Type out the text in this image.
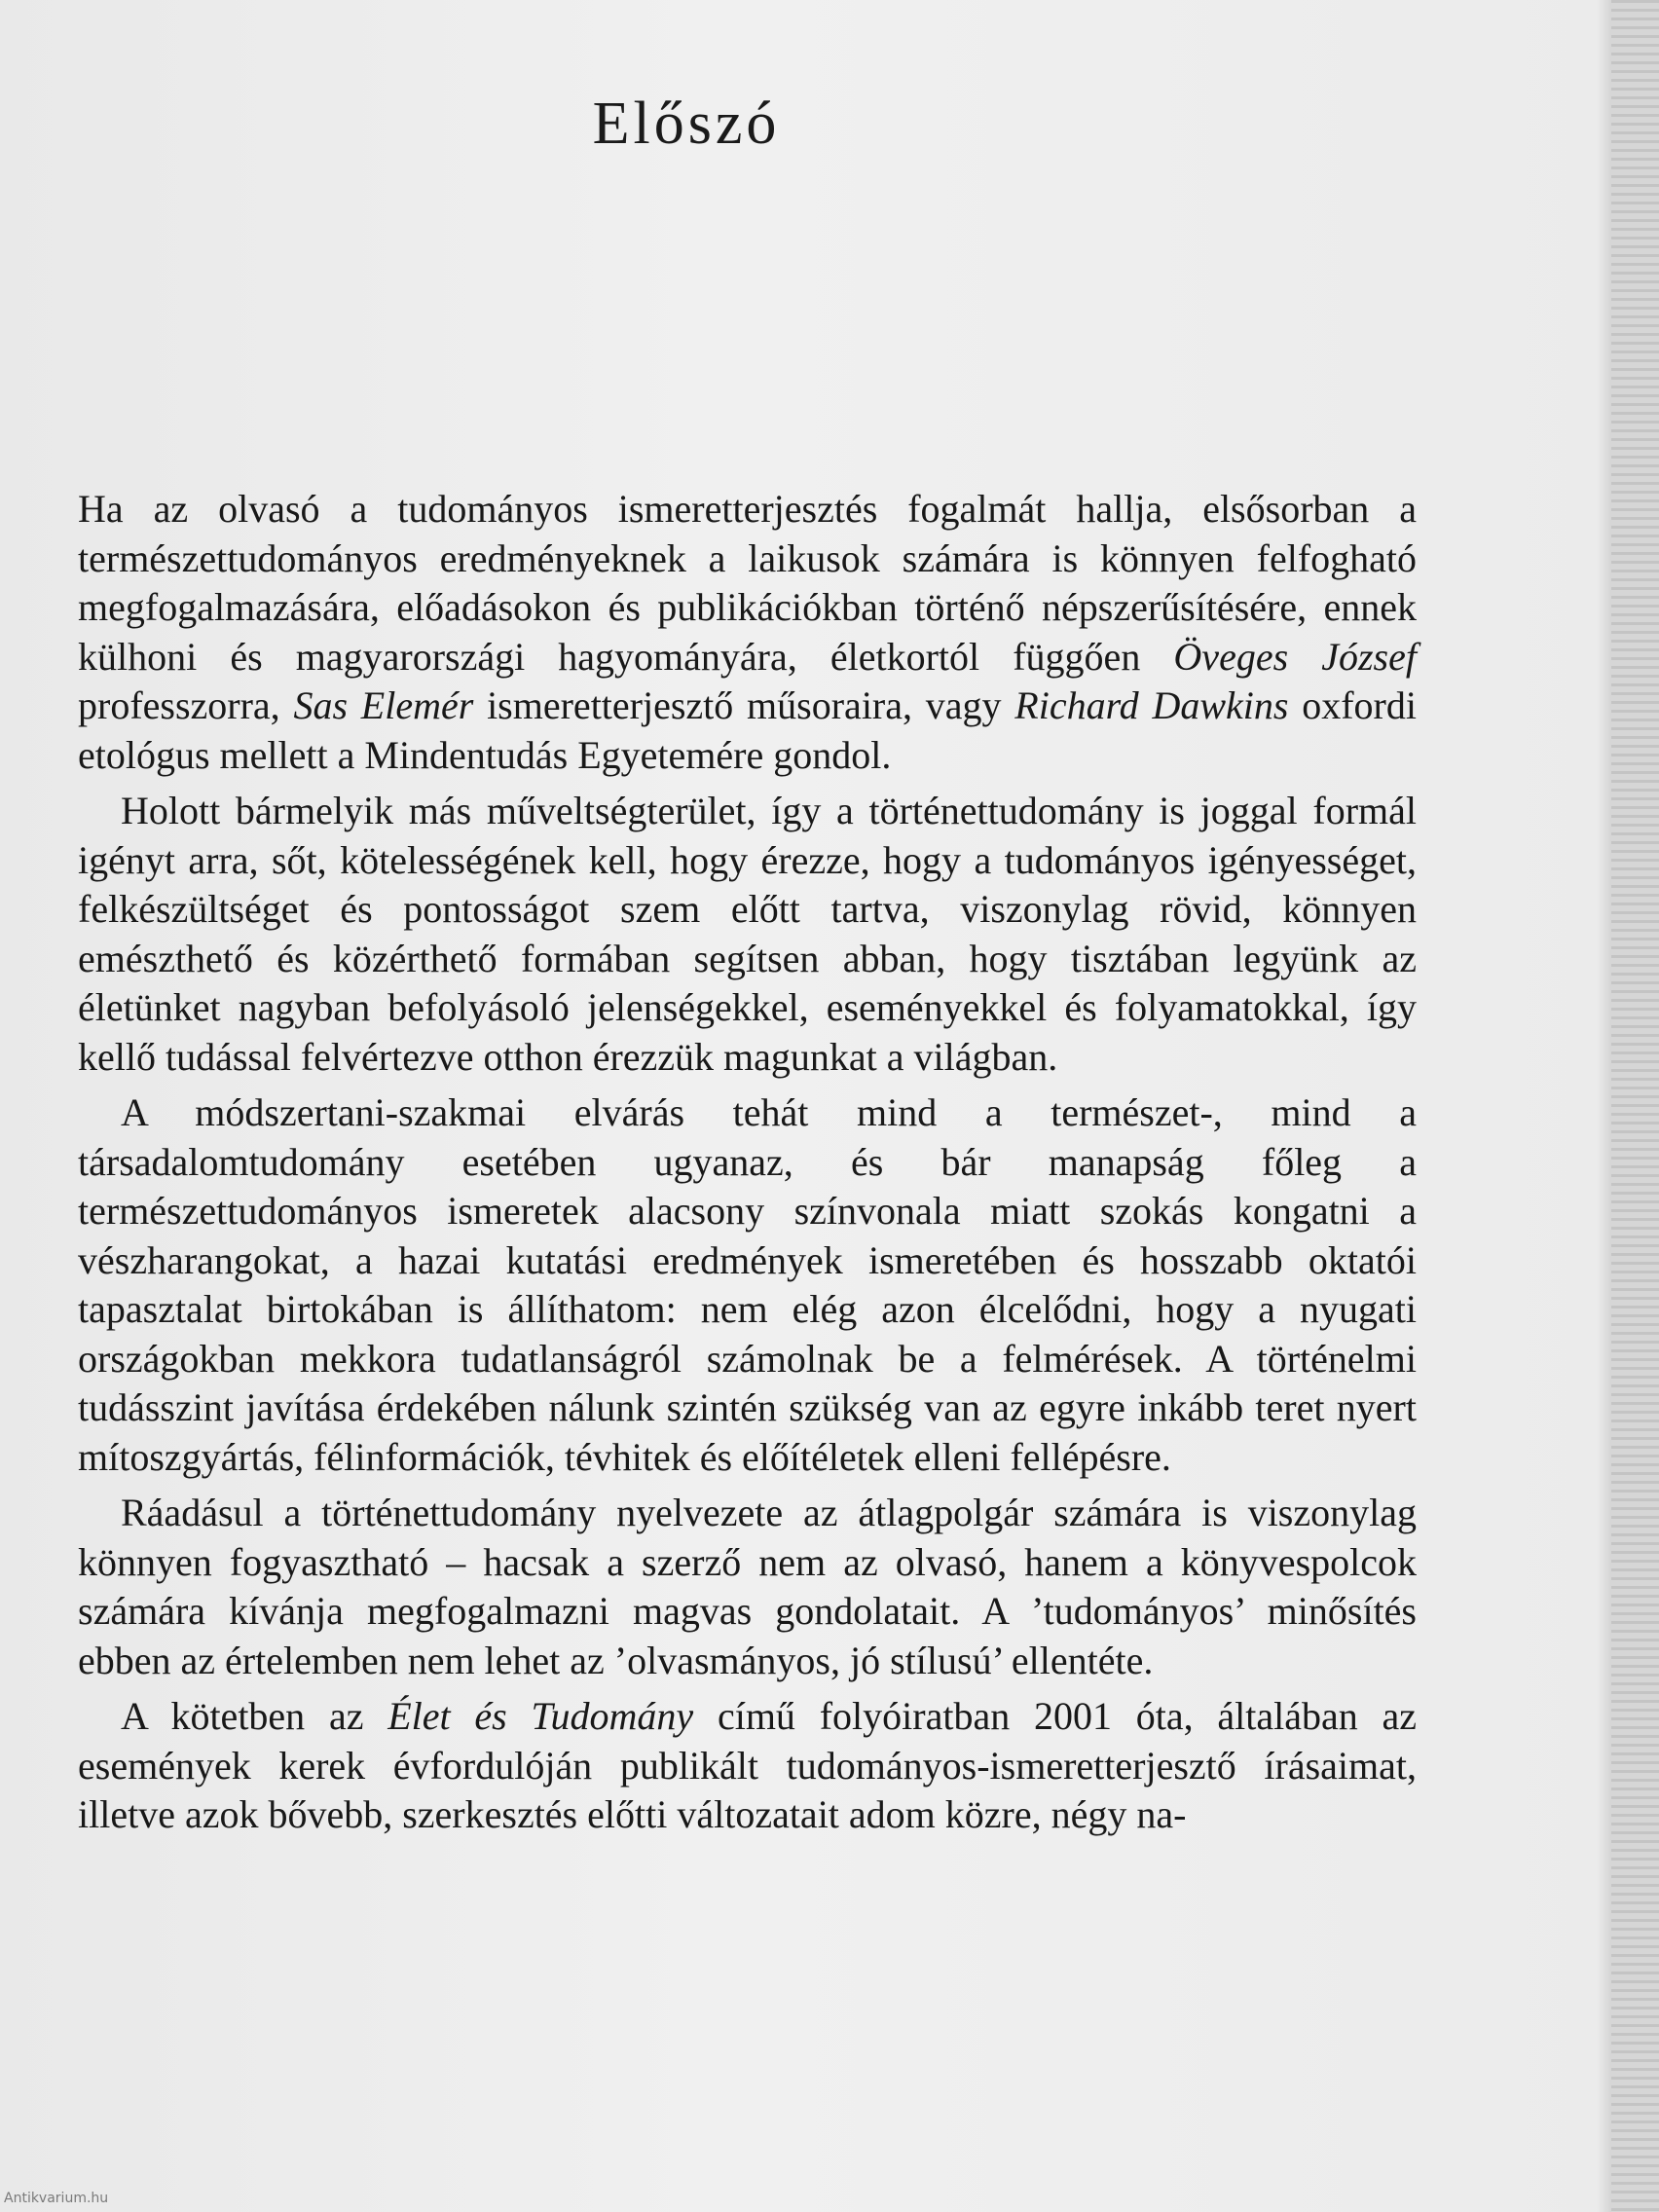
Előszó

Ha az olvasó a tudományos ismeretterjesztés fogalmát hallja, elsősorban a természettudományos eredményeknek a laikusok számára is könnyen felfogható megfogalmazására, előadásokon és publikációkban történő népszerűsítésére, ennek külhoni és magyarországi hagyományára, életkortól függően Öveges József professzorra, Sas Elemér ismeretterjesztő műsoraira, vagy Richard Dawkins oxfordi etológus mellett a Mindentudás Egyetemére gondol.

Holott bármelyik más műveltségterület, így a történettudomány is joggal formál igényt arra, sőt, kötelességének kell, hogy érezze, hogy a tudományos igényességet, felkészültséget és pontosságot szem előtt tartva, viszonylag rövid, könnyen emészthető és közérthető formában segítsen abban, hogy tisztában legyünk az életünket nagyban befolyásoló jelenségekkel, eseményekkel és folyamatokkal, így kellő tudással felvértezve otthon érezzük magunkat a világban.

A módszertani-szakmai elvárás tehát mind a természet-, mind a társadalomtudomány esetében ugyanaz, és bár manapság főleg a természettudományos ismeretek alacsony színvonala miatt szokás kongatni a vészharangokat, a hazai kutatási eredmények ismeretében és hosszabb oktatói tapasztalat birtokában is állíthatom: nem elég azon élcelődni, hogy a nyugati országokban mekkora tudatlanságról számolnak be a felmérések. A történelmi tudásszint javítása érdekében nálunk szintén szükség van az egyre inkább teret nyert mítoszgyártás, félinformációk, tévhitek és előítéletek elleni fellépésre.

Ráadásul a történettudomány nyelvezete az átlagpolgár számára is viszonylag könnyen fogyasztható – hacsak a szerző nem az olvasó, hanem a könyvespolcok számára kívánja megfogalmazni magvas gondolatait. A ’tudományos’ minősítés ebben az értelemben nem lehet az ’olvasmányos, jó stílusú’ ellentéte.

A kötetben az Élet és Tudomány című folyóiratban 2001 óta, általában az események kerek évfordulóján publikált tudományos-ismeretterjesztő írásaimat, illetve azok bővebb, szerkesztés előtti változatait adom közre, négy na-

Antikvarium.hu
